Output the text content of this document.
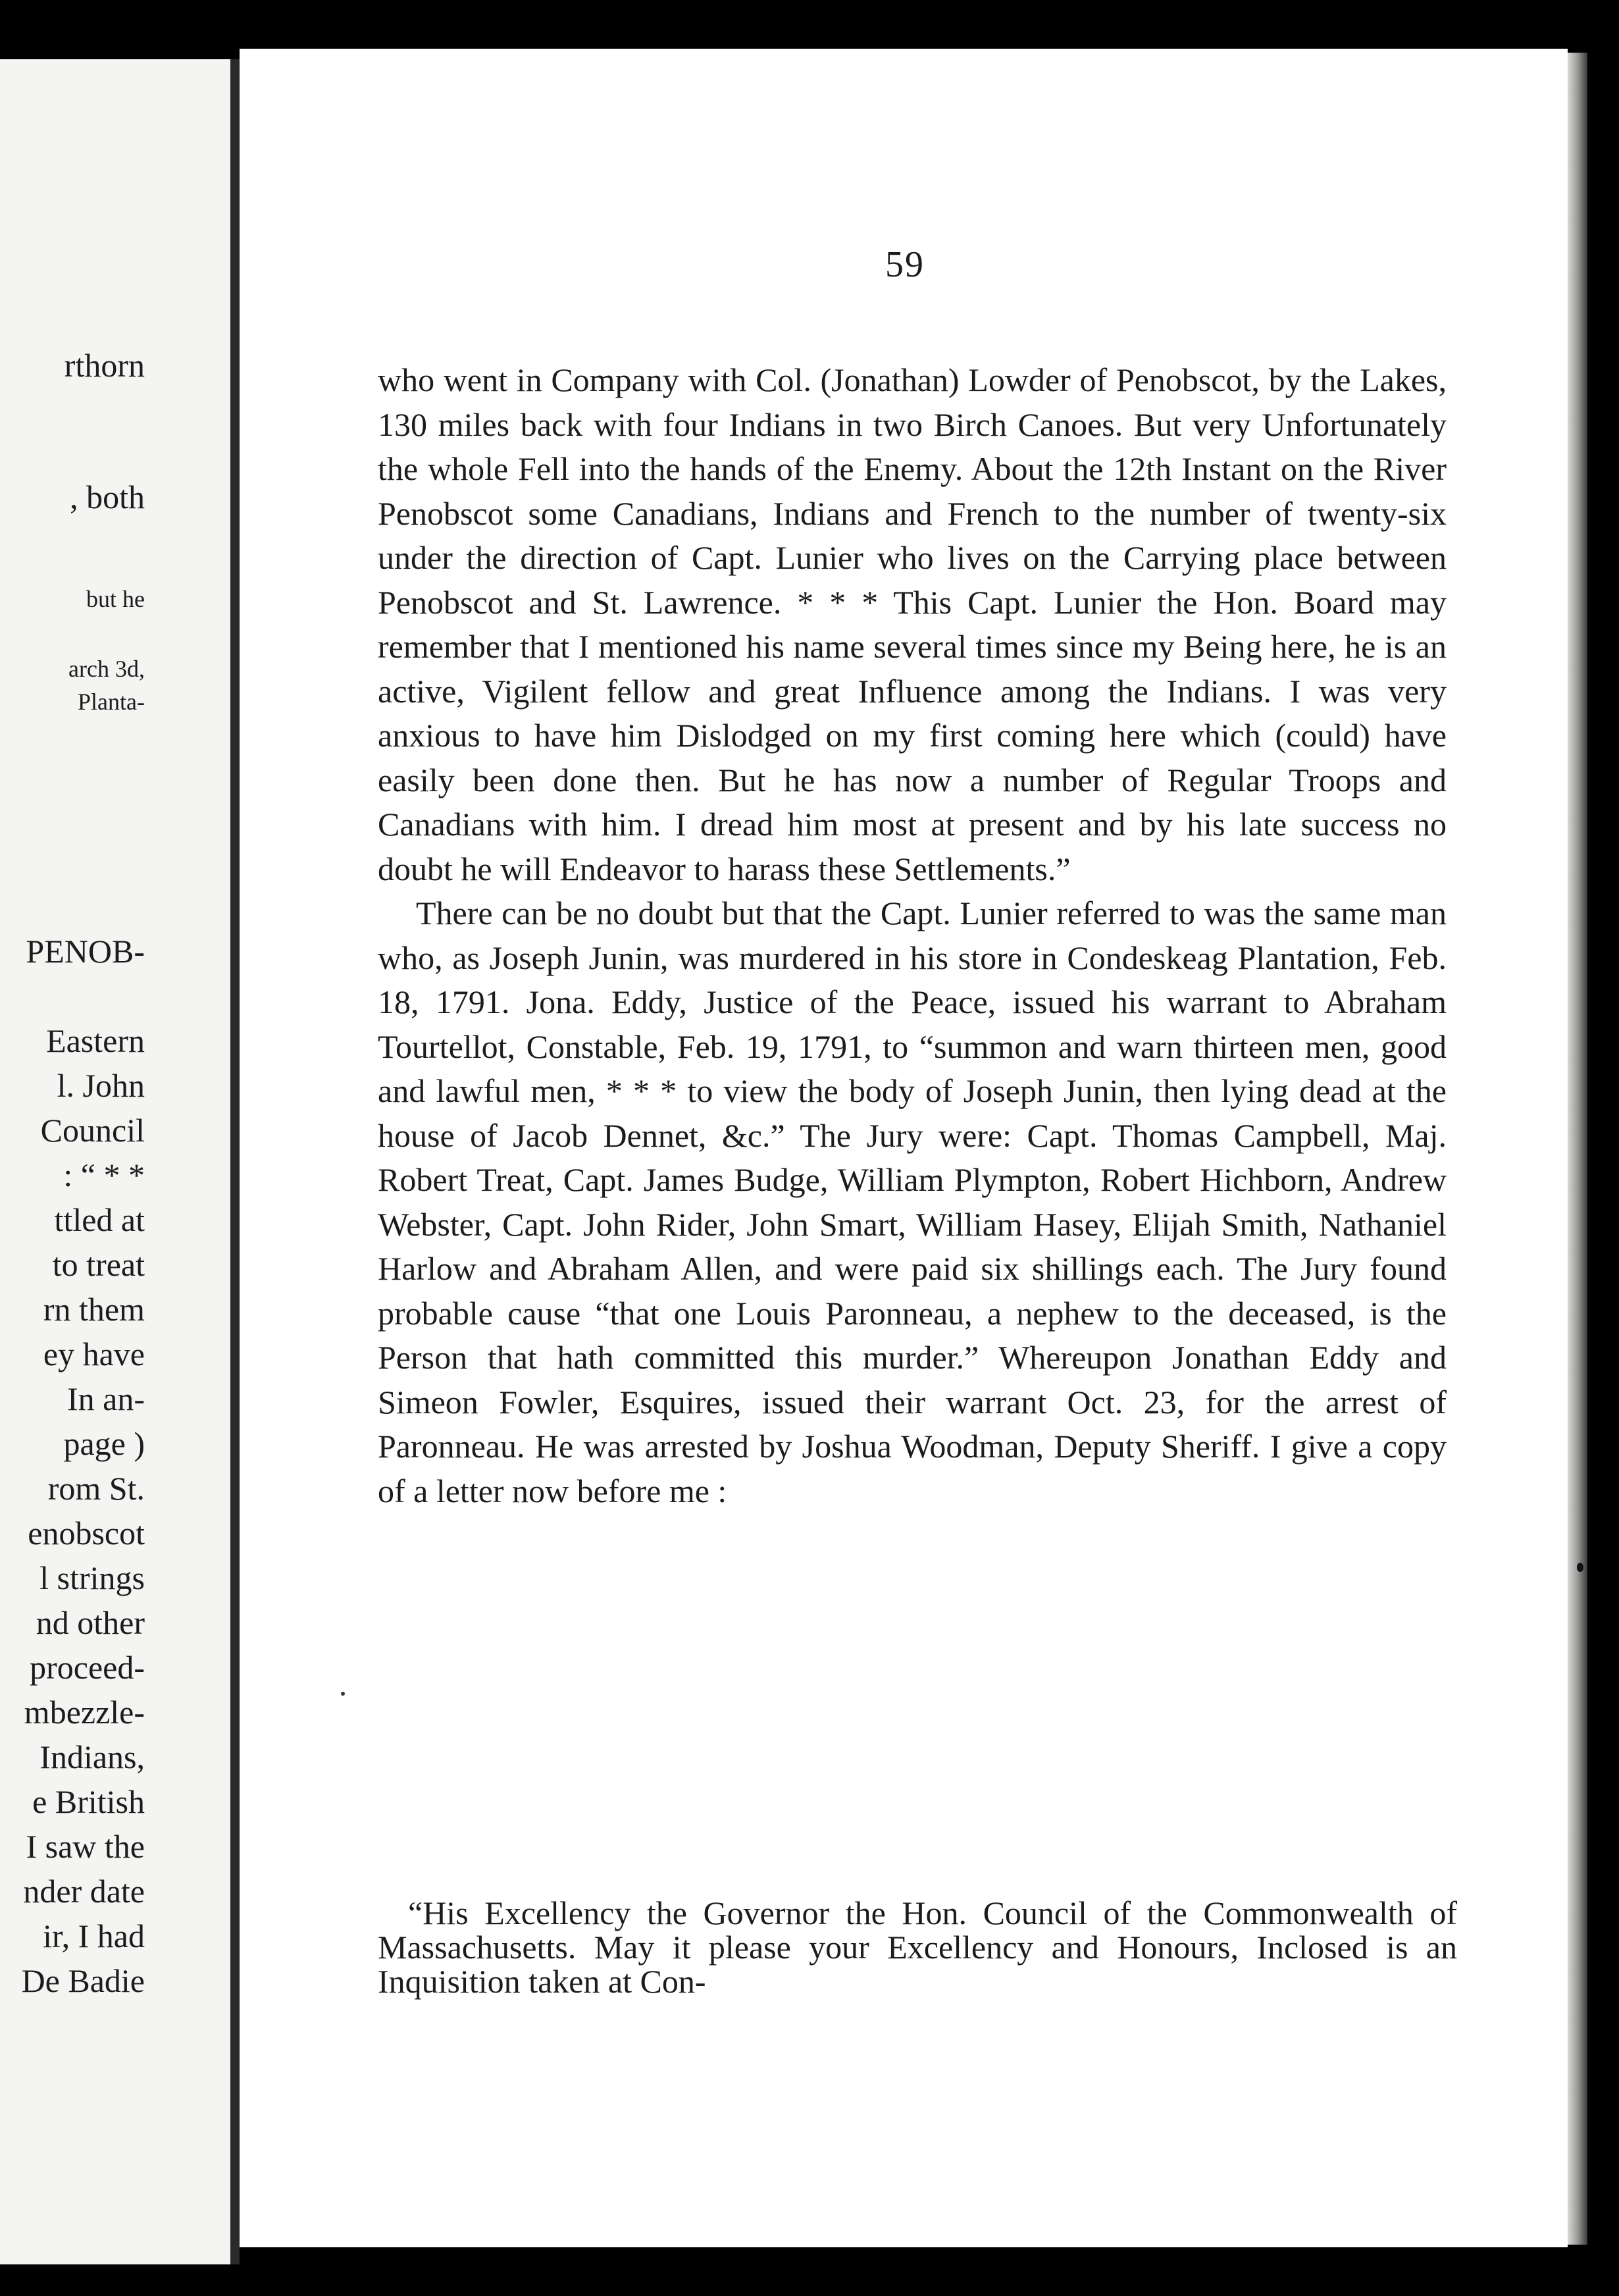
rthorn
, both
but he
arch 3d,
Planta-
PENOB-
Eastern
l. John
Council
: “ * *
ttled at
to treat
rn them
ey have
In an-
page )
rom St.
enobscot
l strings
nd other
proceed-
mbezzle-
Indians,
e British
I saw the
nder date
ir, I had
De Badie
59

who went in Company with Col. (Jonathan) Lowder of Penobscot, by the Lakes, 130 miles back with four Indians in two Birch Canoes. But very Unfortunately the whole Fell into the hands of the Enemy. About the 12th Instant on the River Penobscot some Canadians, Indians and French to the number of twenty-six under the direction of Capt. Lunier who lives on the Carrying place between Penobscot and St. Lawrence. * * * This Capt. Lunier the Hon. Board may remember that I mentioned his name several times since my Being here, he is an active, Vigilent fellow and great Influence among the Indians. I was very anxious to have him Dislodged on my first coming here which (could) have easily been done then. But he has now a number of Regular Troops and Canadians with him. I dread him most at present and by his late success no doubt he will Endeavor to harass these Settlements.”

There can be no doubt but that the Capt. Lunier referred to was the same man who, as Joseph Junin, was murdered in his store in Condeskeag Plantation, Feb. 18, 1791. Jona. Eddy, Justice of the Peace, issued his warrant to Abraham Tourtellot, Constable, Feb. 19, 1791, to “summon and warn thirteen men, good and lawful men, * * * to view the body of Joseph Junin, then lying dead at the house of Jacob Dennet, &c.” The Jury were: Capt. Thomas Campbell, Maj. Robert Treat, Capt. James Budge, William Plympton, Robert Hichborn, Andrew Webster, Capt. John Rider, John Smart, William Hasey, Elijah Smith, Nathaniel Harlow and Abraham Allen, and were paid six shillings each. The Jury found probable cause “that one Louis Paronneau, a nephew to the deceased, is the Person that hath committed this murder.” Whereupon Jonathan Eddy and Simeon Fowler, Esquires, issued their warrant Oct. 23, for the arrest of Paronneau. He was arrested by Joshua Woodman, Deputy Sheriff. I give a copy of a letter now before me :

“His Excellency the Governor the Hon. Council of the Commonwealth of Massachusetts. May it please your Excellency and Honours, Inclosed is an Inquisition taken at Con-
